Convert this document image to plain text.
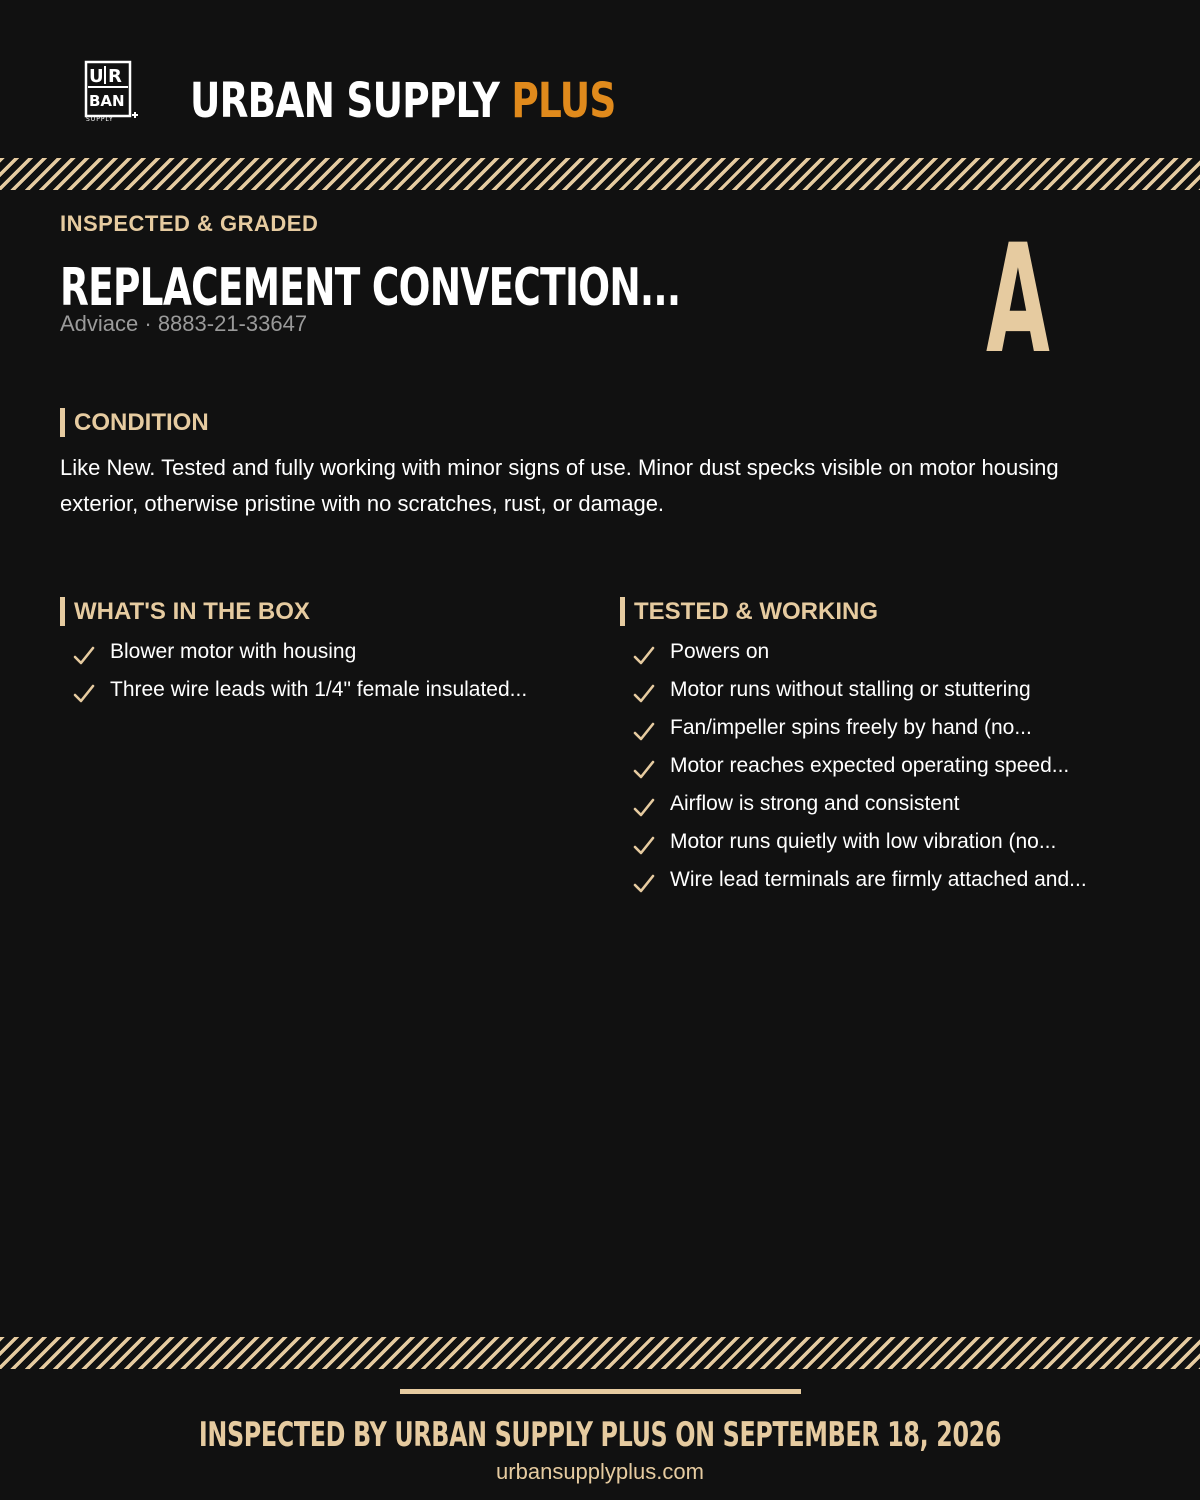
U R
BAN
SUPPLY URBAN SUPPLY PLUS
INSPECTED & GRADED
REPLACEMENT CONVECTION...
Adviace · 8883-21-33647	A
CONDITION

Like New. Tested and fully working with minor signs of use. Minor dust specks visible on motor housing exterior, otherwise pristine with no scratches, rust, or damage.

WHAT'S IN THE BOX
Blower motor with housing
Three wire leads with 1/4" female insulated...
TESTED & WORKING
Powers on
Motor runs without stalling or stuttering
Fan/impeller spins freely by hand (no...
Motor reaches expected operating speed...
Airflow is strong and consistent
Motor runs quietly with low vibration (no...
Wire lead terminals are firmly attached and...
INSPECTED BY URBAN SUPPLY PLUS ON SEPTEMBER 18, 2026
urbansupplyplus.com
